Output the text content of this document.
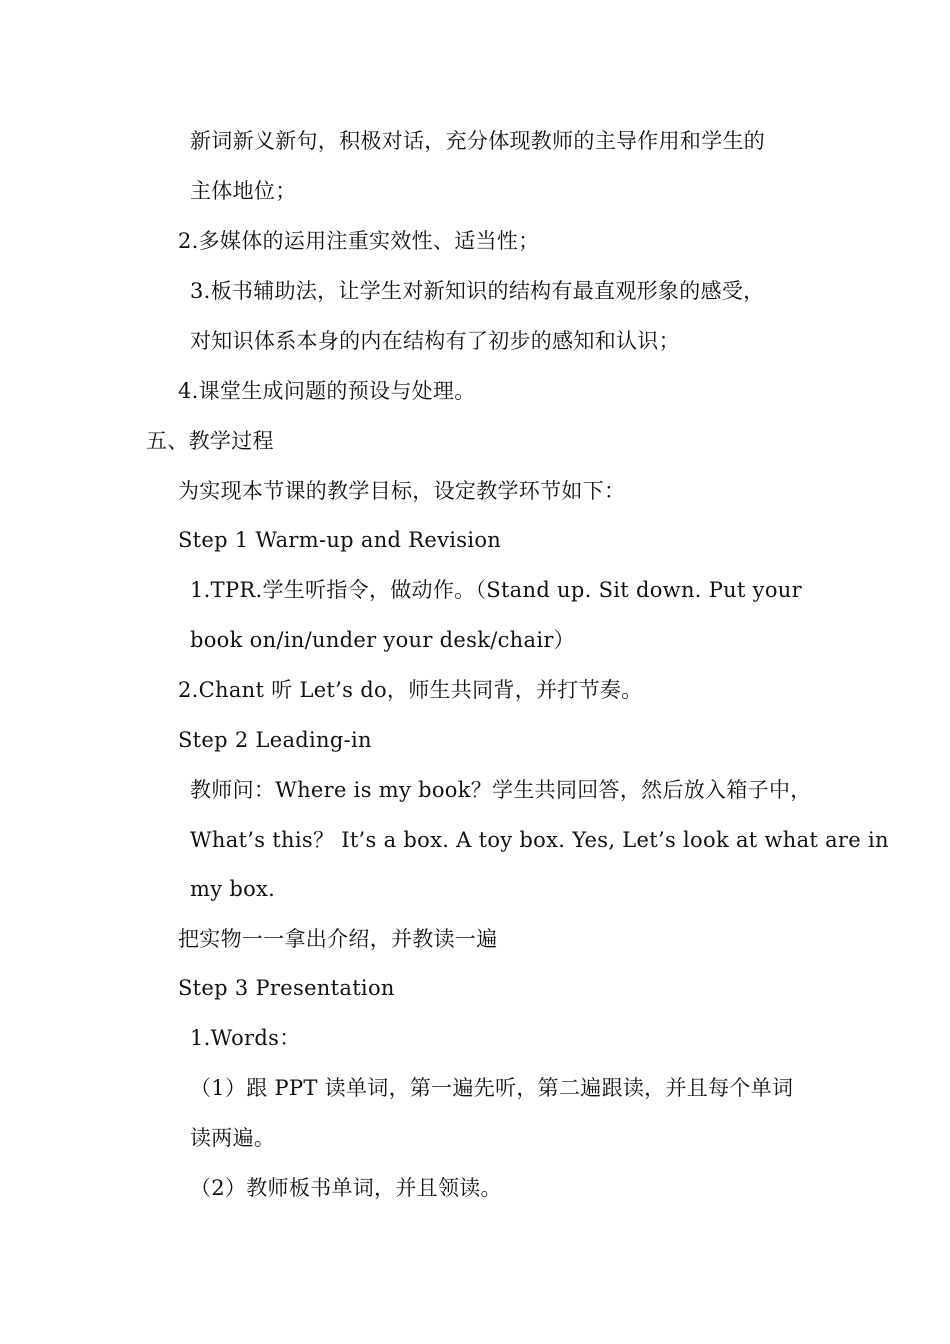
新词新义新句，积极对话，充分体现教师的主导作用和学生的
主体地位；
2.多媒体的运用注重实效性、适当性；
3.板书辅助法，让学生对新知识的结构有最直观形象的感受，
对知识体系本身的内在结构有了初步的感知和认识；
4.课堂生成问题的预设与处理。
五、教学过程
为实现本节课的教学目标，设定教学环节如下：
Step 1 Warm-up and Revision
1.TPR.学生听指令，做动作。（Stand up. Sit down. Put your
book on/in/under your desk/chair）
2.Chant 听 Let’s do，师生共同背，并打节奏。
Step 2 Leading-in
教师问：Where is my book？学生共同回答，然后放入箱子中，
What’s this？ It’s a box. A toy box. Yes, Let’s look at what are in
my box.
把实物一一拿出介绍，并教读一遍
Step 3 Presentation
1.Words：
（1）跟 PPT 读单词，第一遍先听，第二遍跟读，并且每个单词
读两遍。
（2）教师板书单词，并且领读。
